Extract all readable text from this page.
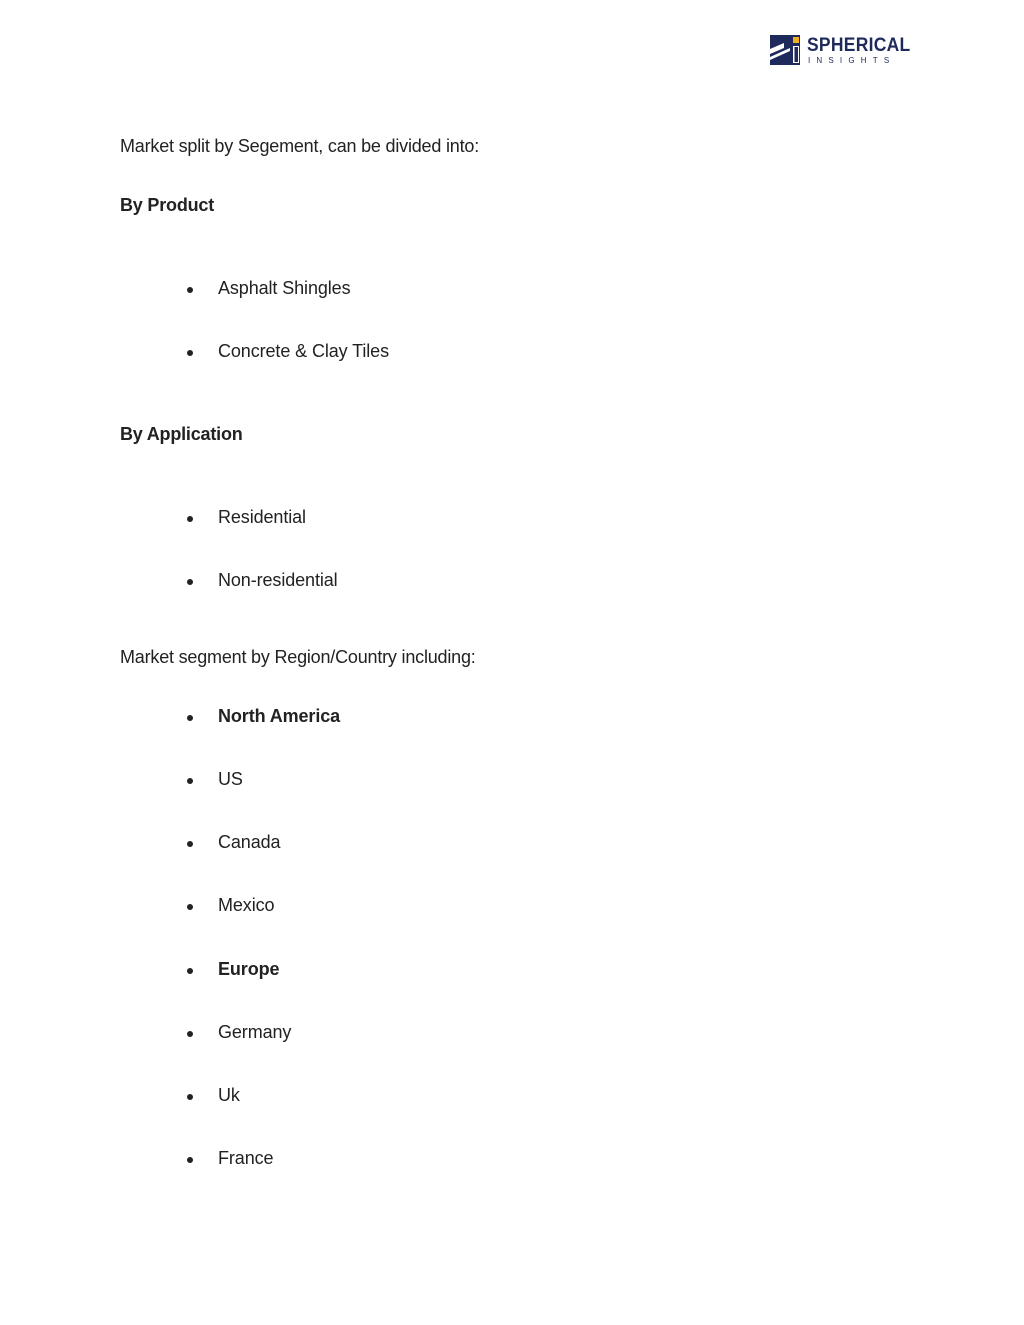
SPHERICAL
INSIGHTS
Market split by Segement, can be divided into:
By Product
Asphalt Shingles
Concrete & Clay Tiles
By Application
Residential
Non-residential
Market segment by Region/Country including:
North America
US
Canada
Mexico
Europe
Germany
Uk
France
